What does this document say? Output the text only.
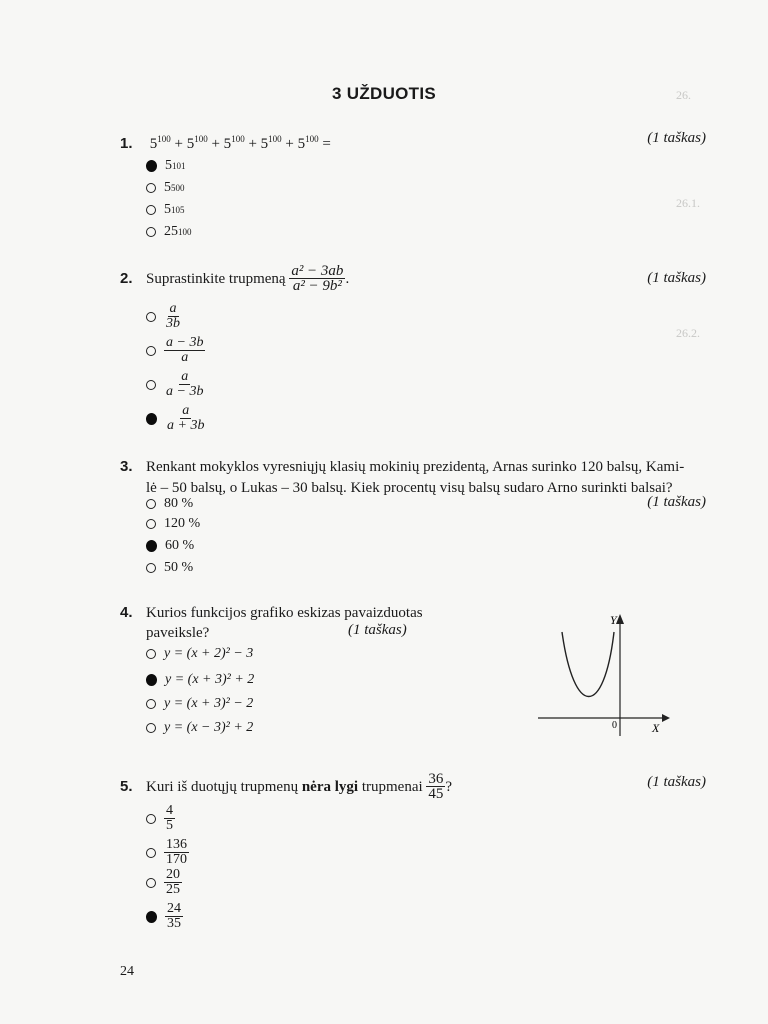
26.
26.1.
26.2.
3 UŽDUOTIS
1. $5^{100} + 5^{100} + 5^{100} + 5^{100} + 5^{100}$ =	(1 taškas)
5 101
5 500
5 105
25 100
2. Suprastinkite trupmeną
$\frac{\text{a² − 3ab}}{\text{a² − 9b²}}$ .	(1 taškas)
$\frac{a}{3b}$
$\frac{a - 3b}{a}$
$\frac{a}{a - 3b}$
$\frac{a}{a + 3b}$
3. Renkant mokyklos vyresniųjų klasių mokinių prezidentą, Arnas surinko 120 balsų, Kami-
lė – 50 balsų, o Lukas – 30 balsų. Kiek procentų visų balsų sudaro Arno surinkti balsai?
(1 taškas)
80 %
120 %
60 %
50 %
4. Kurios funkcijos grafiko eskizas pavaizduotas
paveiksle?	(1 taškas)
y = (x + 2)² − 3
y = (x + 3)² + 2
y = (x + 3)² − 2
y = (x − 3)² + 2
Y
X
0
5. Kuri iš duotųjų trupmenų
nėra lygi
trupmenai
$\frac{36}{45}$ ?	(1 taškas)
$\frac{4}{5}$
$\frac{136}{170}$
$\frac{20}{25}$
$\frac{24}{35}$
24
